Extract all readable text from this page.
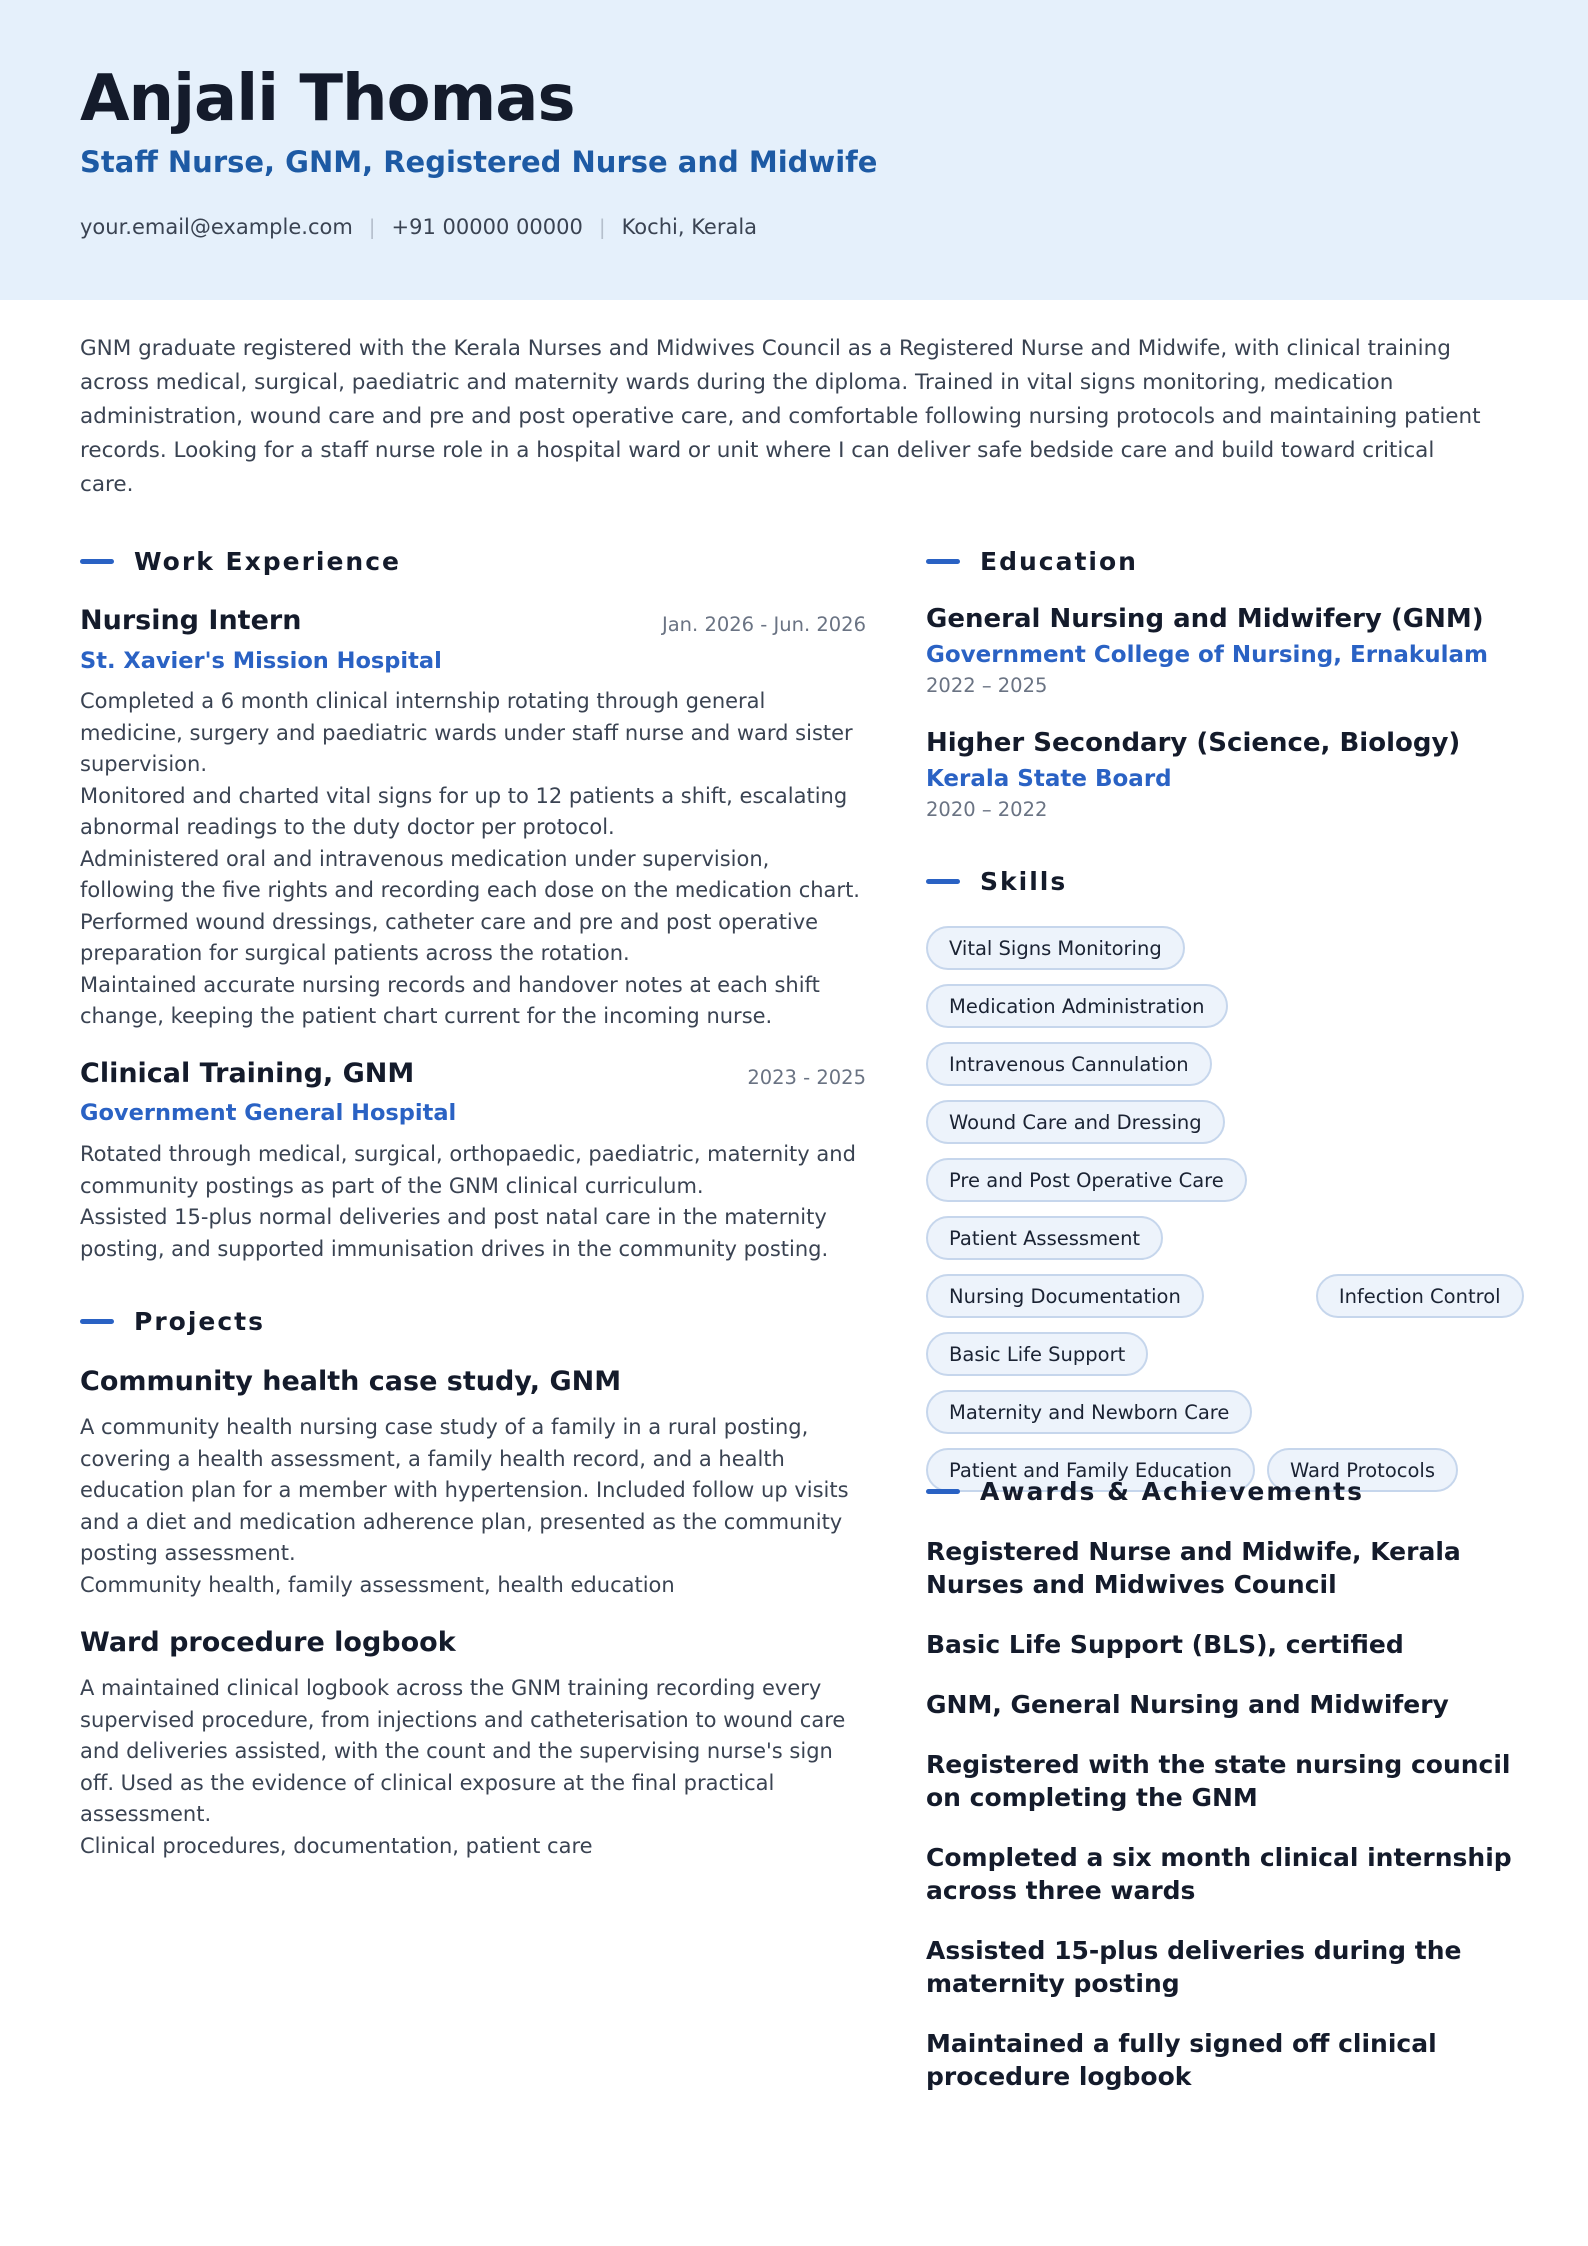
Anjali Thomas
Staff Nurse, GNM, Registered Nurse and Midwife
your.email@example.com | +91 00000 00000 | Kochi, Kerala
GNM graduate registered with the Kerala Nurses and Midwives Council as a Registered Nurse and Midwife, with clinical training across medical, surgical, paediatric and maternity wards during the diploma. Trained in vital signs monitoring, medication administration, wound care and pre and post operative care, and comfortable following nursing protocols and maintaining patient records. Looking for a staff nurse role in a hospital ward or unit where I can deliver safe bedside care and build toward critical care.
Work Experience
Nursing Intern	Jan. 2026 - Jun. 2026
St. Xavier's Mission Hospital
Completed a 6 month clinical internship rotating through general medicine, surgery and paediatric wards under staff nurse and ward sister supervision.
Monitored and charted vital signs for up to 12 patients a shift, escalating abnormal readings to the duty doctor per protocol.
Administered oral and intravenous medication under supervision, following the five rights and recording each dose on the medication chart.
Performed wound dressings, catheter care and pre and post operative preparation for surgical patients across the rotation.
Maintained accurate nursing records and handover notes at each shift change, keeping the patient chart current for the incoming nurse.
Clinical Training, GNM	2023 - 2025
Government General Hospital
Rotated through medical, surgical, orthopaedic, paediatric, maternity and community postings as part of the GNM clinical curriculum.
Assisted 15-plus normal deliveries and post natal care in the maternity posting, and supported immunisation drives in the community posting.
Projects
Community health case study, GNM
A community health nursing case study of a family in a rural posting, covering a health assessment, a family health record, and a health education plan for a member with hypertension. Included follow up visits and a diet and medication adherence plan, presented as the community posting assessment.
Community health, family assessment, health education
Ward procedure logbook
A maintained clinical logbook across the GNM training recording every supervised procedure, from injections and catheterisation to wound care and deliveries assisted, with the count and the supervising nurse's sign off. Used as the evidence of clinical exposure at the final practical assessment.
Clinical procedures, documentation, patient care
Education
General Nursing and Midwifery (GNM)
Government College of Nursing, Ernakulam
2022 – 2025
Higher Secondary (Science, Biology)
Kerala State Board
2020 – 2022
Skills
Vital Signs Monitoring
Medication Administration
Intravenous Cannulation
Wound Care and Dressing
Pre and Post Operative Care
Patient Assessment
Nursing Documentation	Infection Control
Basic Life Support
Maternity and Newborn Care
Patient and Family Education	Ward Protocols
Awards & Achievements
Registered Nurse and Midwife, Kerala Nurses and Midwives Council
Basic Life Support (BLS), certified
GNM, General Nursing and Midwifery
Registered with the state nursing council on completing the GNM
Completed a six month clinical internship across three wards
Assisted 15-plus deliveries during the maternity posting
Maintained a fully signed off clinical procedure logbook
